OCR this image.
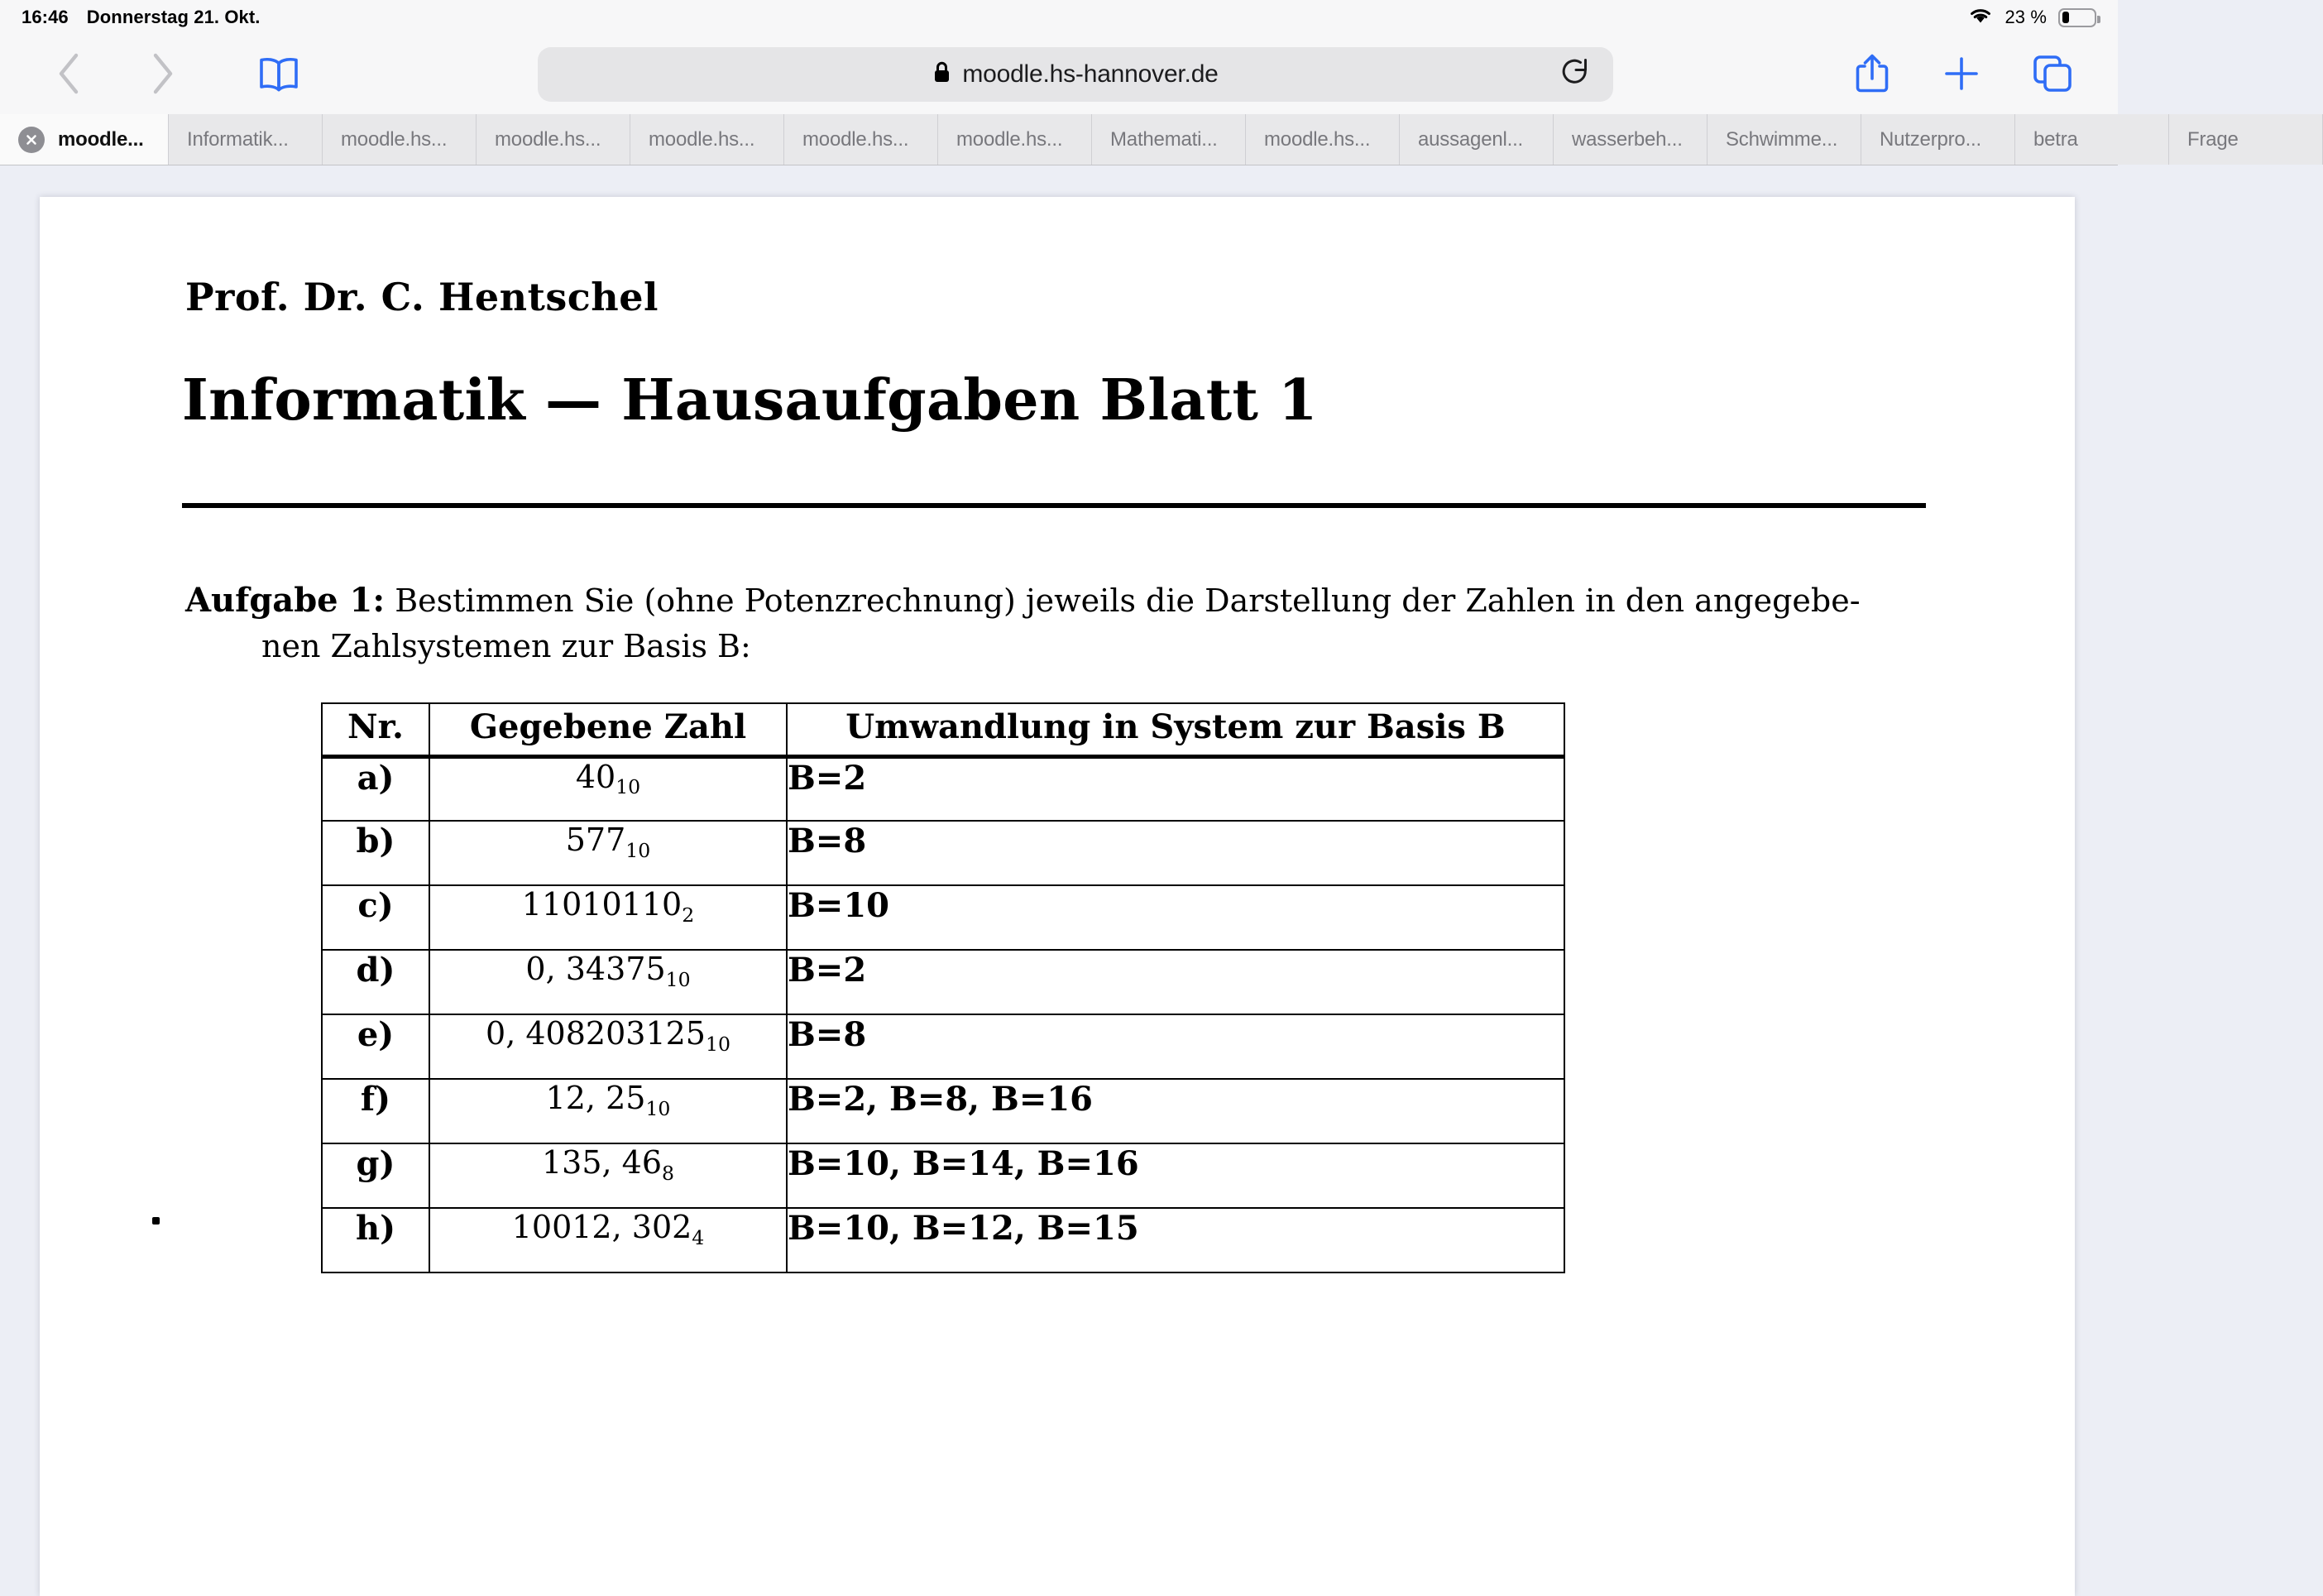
16:46 Donnerstag 21. Okt.	23 %
moodle.hs-hannover.de
moodle... Informatik...	moodle.hs... moodle.hs... moodle.hs... moodle.hs... moodle.hs... Mathemati... moodle.hs... aussagenl... wasserbeh... Schwimme... Nutzerpro...	betra	Frage
Prof. Dr. C. Hentschel
Informatik — Hausaufgaben Blatt 1
Aufgabe 1: Bestimmen Sie (ohne Potenzrechnung) jeweils die Darstellung der Zahlen in den angegebe-
nen Zahlsystemen zur Basis B:
Nr.	Gegebene Zahl	Umwandlung in System zur Basis B
a)	$40_{10}$	B=2
b)	$577_{10}$	B=8
c)	$11010110_2$	B=10
d)	0, $34375_{10}$	B=2
e)	0, $408203125_{10}$	B=8
f)	12, $25_{10}$	B=2, B=8, B=16
g)	135, $46_8$	B=10, B=14, B=16
h)	10012, $302_4$	B=10, B=12, B=15
